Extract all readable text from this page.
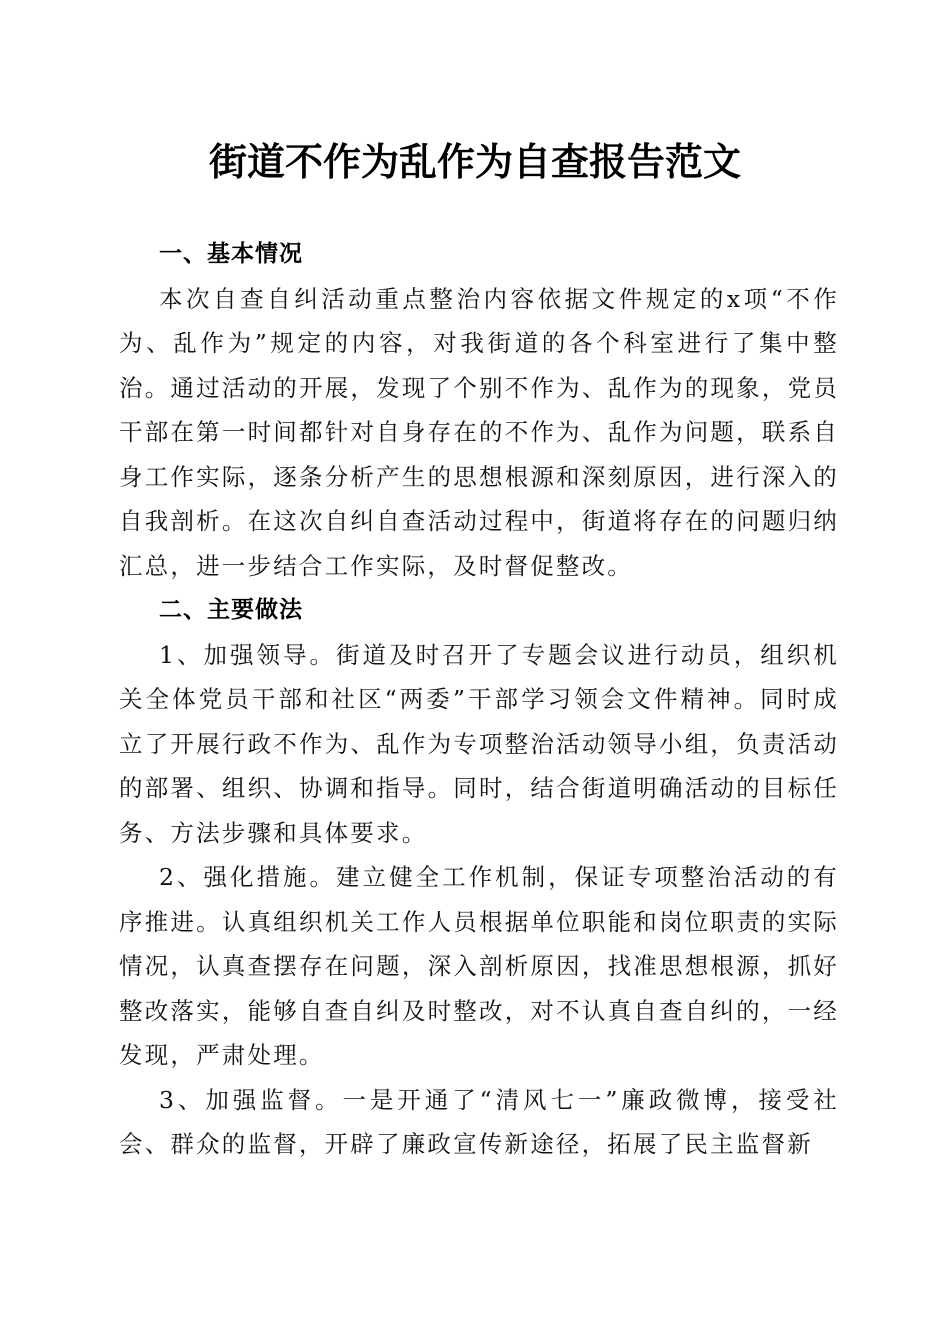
街道不作为乱作为自查报告范文
一、基本情况

本次自查自纠活动重点整治内容依据文件规定的x项“不作为、乱作为”规定的内容，对我街道的各个科室进行了集中整治。通过活动的开展，发现了个别不作为、乱作为的现象，党员干部在第一时间都针对自身存在的不作为、乱作为问题，联系自身工作实际，逐条分析产生的思想根源和深刻原因，进行深入的自我剖析。在这次自纠自查活动过程中，街道将存在的问题归纳汇总，进一步结合工作实际，及时督促整改。

二、主要做法

1、加强领导。街道及时召开了专题会议进行动员，组织机关全体党员干部和社区“两委”干部学习领会文件精神。同时成立了开展行政不作为、乱作为专项整治活动领导小组，负责活动的部署、组织、协调和指导。同时，结合街道明确活动的目标任务、方法步骤和具体要求。

2、强化措施。建立健全工作机制，保证专项整治活动的有序推进。认真组织机关工作人员根据单位职能和岗位职责的实际情况，认真查摆存在问题，深入剖析原因，找准思想根源，抓好整改落实，能够自查自纠及时整改，对不认真自查自纠的，一经发现，严肃处理。

3、加强监督。一是开通了“清风七一”廉政微博，接受社会、群众的监督，开辟了廉政宣传新途径，拓展了民主监督新
